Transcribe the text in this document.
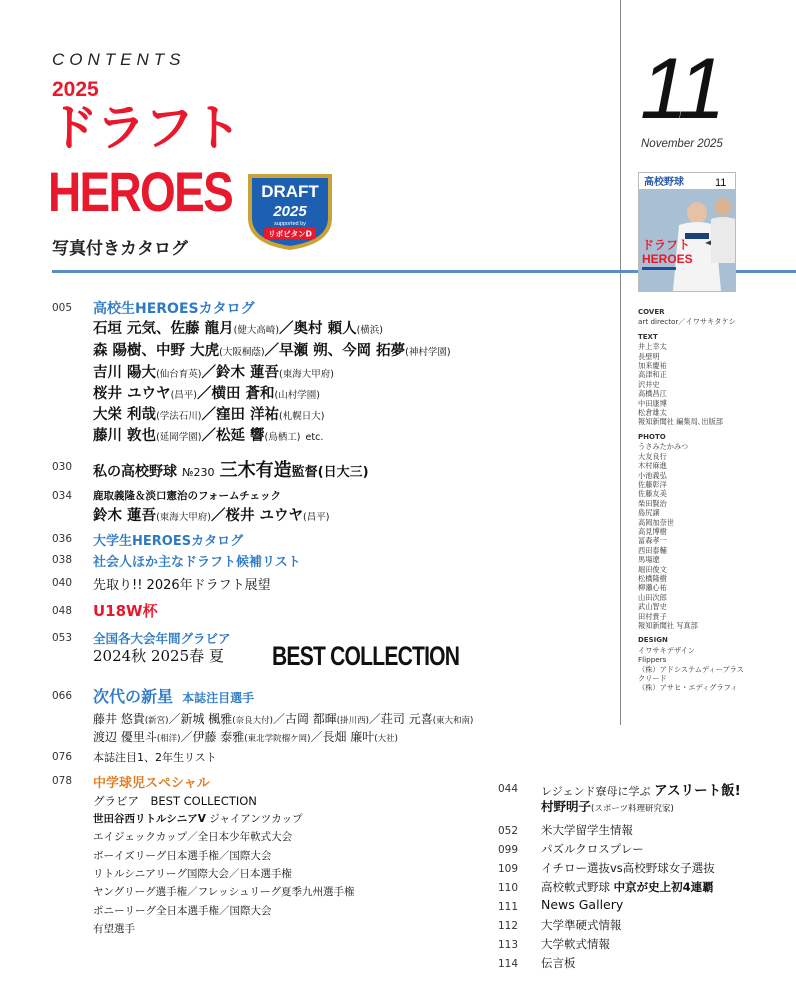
CONTENTS
2025
ドラフト
HEROES
写真付きカタログ
DRAFT
2025
supported by
リポビタンD
11
November 2025
高校野球	11
ドラフト
HEROES
COVER
art director／イワサキタケシ
TEXT
井上幸太
長壁明
加来慶祐
高津和正
沢井史
高橋昌江
中田康博
松倉雄太
報知新聞社 編集局､出版部
PHOTO
うさみたかみつ
大友良行
木村麻進
小池義弘
佐藤彰洋
佐藤友美
柴田賢治
島尻譲
高岡加奈世
高見博樹
冨森孝一
西田泰輔
馬場遼
堀田俊文
松橋隆樹
柳瀬心祐
山田次郎
武山智史
田村貴子
報知新聞社 写真部
DESIGN
イワサキデザイン
Flippers
（株）アドシステムディープラス
クリード
（株）アサヒ・エディグラフィ
005 高校生HEROESカタログ
石垣 元気、佐藤 龍月(健大高崎)／奥村 頼人(横浜)
森 陽樹、中野 大虎(大阪桐蔭)／早瀬 朔、今岡 拓夢(神村学園)
吉川 陽大(仙台育英)／鈴木 蓮吾(東海大甲府)
桜井 ユウヤ(昌平)／横田 蒼和(山村学園)
大栄 利哉(学法石川)／窪田 洋祐(札幌日大)
藤川 敦也(延岡学園)／松延 響(鳥栖工) etc.
030 私の高校野球 №230 三木有造監督(日大三)
034 鹿取義隆＆淡口憲治のフォームチェック
鈴木 蓮吾(東海大甲府)／桜井 ユウヤ(昌平)
036 大学生HEROESカタログ
038 社会人ほか主なドラフト候補リスト
040 先取り!! 2026年ドラフト展望
048 U18W杯
053 全国各大会年間グラビア
2024秋 2025春 夏 BEST COLLECTION
066 次代の新星 本誌注目選手
藤井 悠貴(新宮)／新城 楓雅(奈良大付)／古岡 都暉(掛川西)／荘司 元喜(東大和南)
渡辺 優里斗(相洋)／伊藤 泰雅(東北学院榴ケ岡)／長畑 廉叶(大社)
076 本誌注目1、2年生リスト
078 中学球児スペシャル
グラビア　BEST COLLECTION
世田谷西リトルシニアV ジャイアンツカップ
エイジェックカップ／全日本少年軟式大会
ボーイズリーグ日本選手権／国際大会
リトルシニアリーグ国際大会／日本選手権
ヤングリーグ選手権／フレッシュリーグ夏季九州選手権
ポニーリーグ全日本選手権／国際大会
有望選手
044 レジェンド寮母に学ぶ アスリート飯!
村野明子(スポーツ料理研究家)
052 米大学留学生情報
099 パズルクロスプレー
109 イチロー選抜vs高校野球女子選抜
110 高校軟式野球 中京が史上初4連覇
111 News Gallery
112 大学準硬式情報
113 大学軟式情報
114 伝言板
